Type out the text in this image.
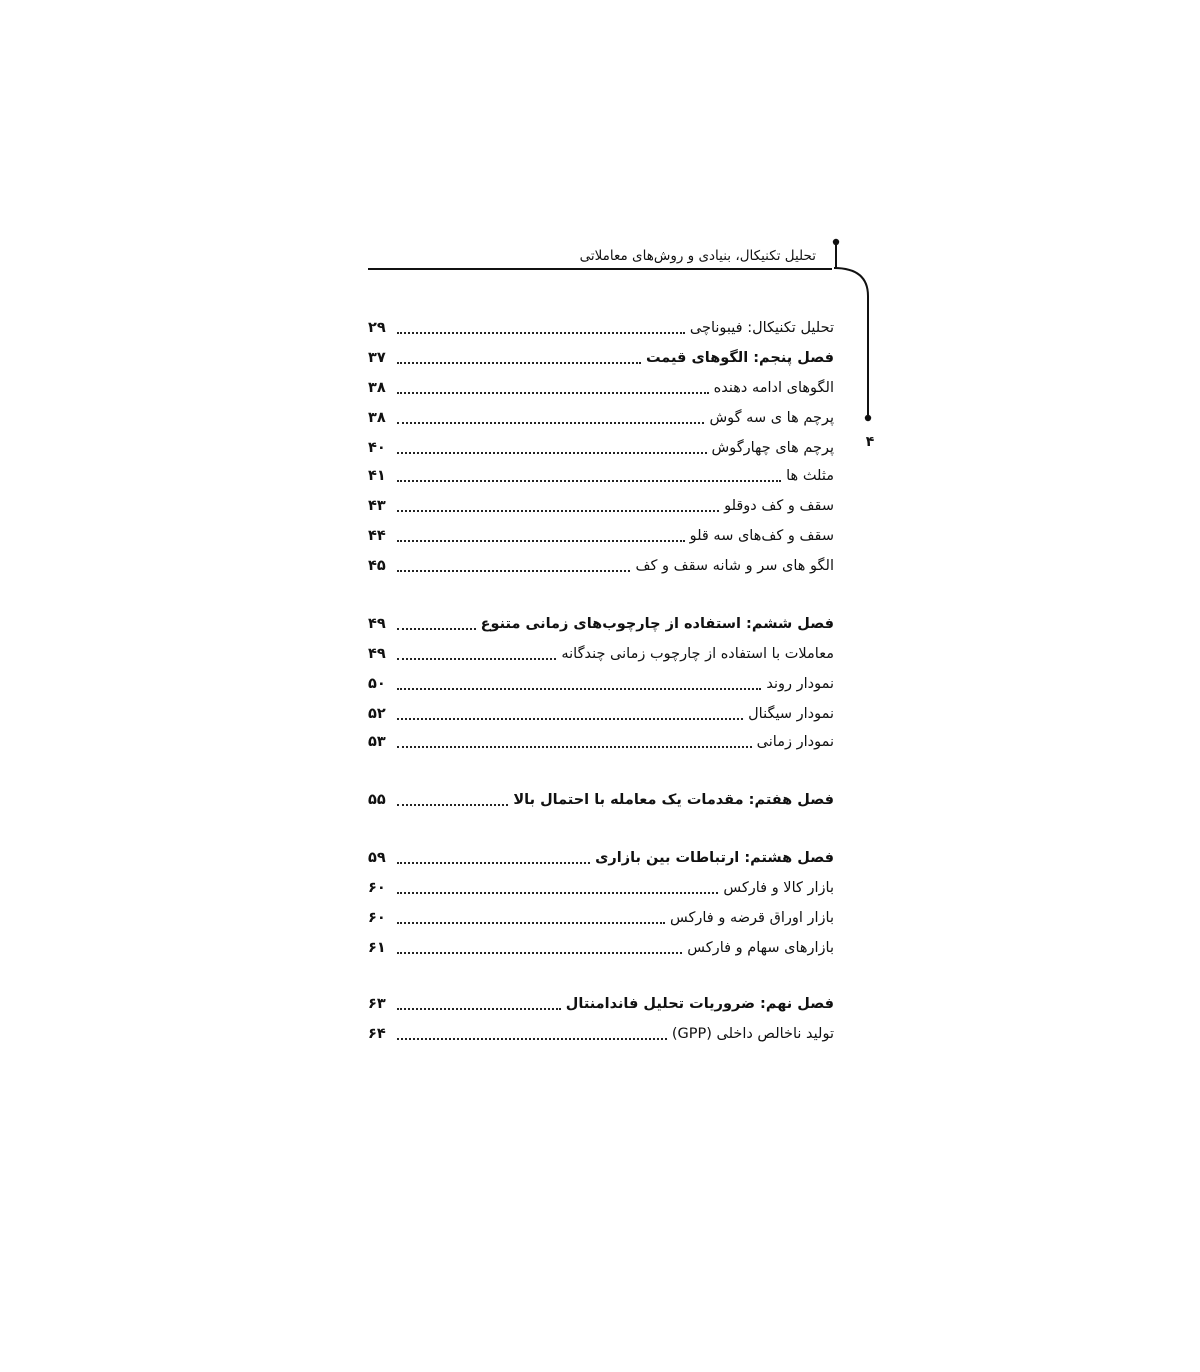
تحلیل تکنیکال، بنیادی و روش‌های معاملاتی
۴
تحلیل تکنیکال: فیبوناچی
۲۹
فصل پنجم: الگوهای قیمت
۳۷
الگوهای ادامه دهنده
۳۸
پرچم ها ی سه گوش
۳۸
پرچم های چهارگوش
۴۰
مثلث ها
۴۱
سقف و کف دوقلو
۴۳
سقف و کف‌های سه قلو
۴۴
الگو های سر و شانه سقف و کف
۴۵
فصل ششم: استفاده از چارچوب‌های زمانی متنوع
۴۹
معاملات با استفاده از چارچوب زمانی چندگانه
۴۹
نمودار روند
۵۰
نمودار سیگنال
۵۲
نمودار زمانی
۵۳
فصل هفتم: مقدمات یک معامله با احتمال بالا
۵۵
فصل هشتم: ارتباطات بین بازاری
۵۹
بازار کالا و فارکس
۶۰
بازار اوراق قرضه و فارکس
۶۰
بازارهای سهام و فارکس
۶۱
فصل نهم: ضروریات تحلیل فاندامنتال
۶۳
تولید ناخالص داخلی (GPP)
۶۴
